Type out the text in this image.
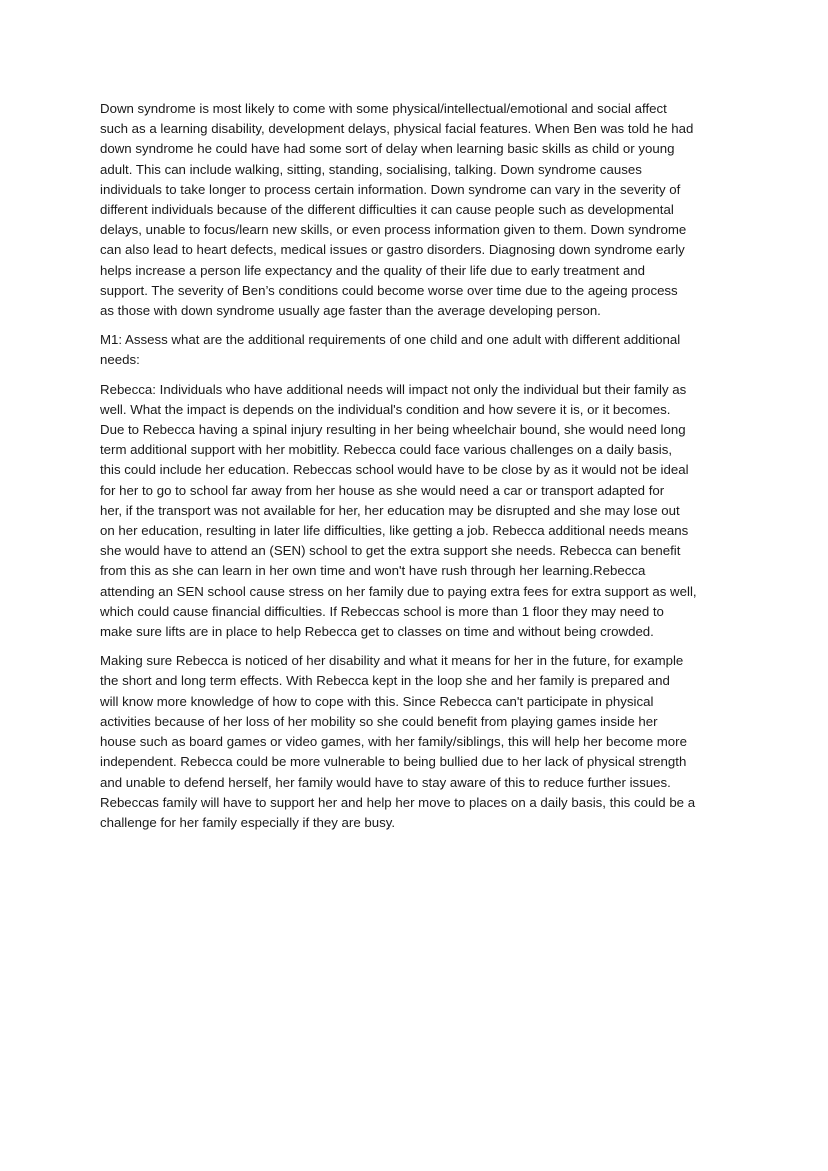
Down syndrome is most likely to come with some physical/intellectual/emotional and social affect
such as a learning disability, development delays, physical facial features. When Ben was told he had
down syndrome he could have had some sort of delay when learning basic skills as child or young
adult. This can include walking, sitting, standing, socialising, talking. Down syndrome causes
individuals to take longer to process certain information. Down syndrome can vary in the severity of
different individuals because of the different difficulties it can cause people such as developmental
delays, unable to focus/learn new skills, or even process information given to them. Down syndrome
can also lead to heart defects, medical issues or gastro disorders. Diagnosing down syndrome early
helps increase a person life expectancy and the quality of their life due to early treatment and
support. The severity of Ben’s conditions could become worse over time due to the ageing process
as those with down syndrome usually age faster than the average developing person.

M1: Assess what are the additional requirements of one child and one adult with different additional
needs:

Rebecca: Individuals who have additional needs will impact not only the individual but their family as
well. What the impact is depends on the individual's condition and how severe it is, or it becomes.
Due to Rebecca having a spinal injury resulting in her being wheelchair bound, she would need long
term additional support with her mobitlity. Rebecca could face various challenges on a daily basis,
this could include her education. Rebeccas school would have to be close by as it would not be ideal
for her to go to school far away from her house as she would need a car or transport adapted for
her, if the transport was not available for her, her education may be disrupted and she may lose out
on her education, resulting in later life difficulties, like getting a job. Rebecca additional needs means
she would have to attend an (SEN) school to get the extra support she needs. Rebecca can benefit
from this as she can learn in her own time and won't have rush through her learning.Rebecca
attending an SEN school cause stress on her family due to paying extra fees for extra support as well,
which could cause financial difficulties. If Rebeccas school is more than 1 floor they may need to
make sure lifts are in place to help Rebecca get to classes on time and without being crowded.

Making sure Rebecca is noticed of her disability and what it means for her in the future, for example
the short and long term effects. With Rebecca kept in the loop she and her family is prepared and
will know more knowledge of how to cope with this. Since Rebecca can't participate in physical
activities because of her loss of her mobility so she could benefit from playing games inside her
house such as board games or video games, with her family/siblings, this will help her become more
independent. Rebecca could be more vulnerable to being bullied due to her lack of physical strength
and unable to defend herself, her family would have to stay aware of this to reduce further issues.
Rebeccas family will have to support her and help her move to places on a daily basis, this could be a
challenge for her family especially if they are busy.
